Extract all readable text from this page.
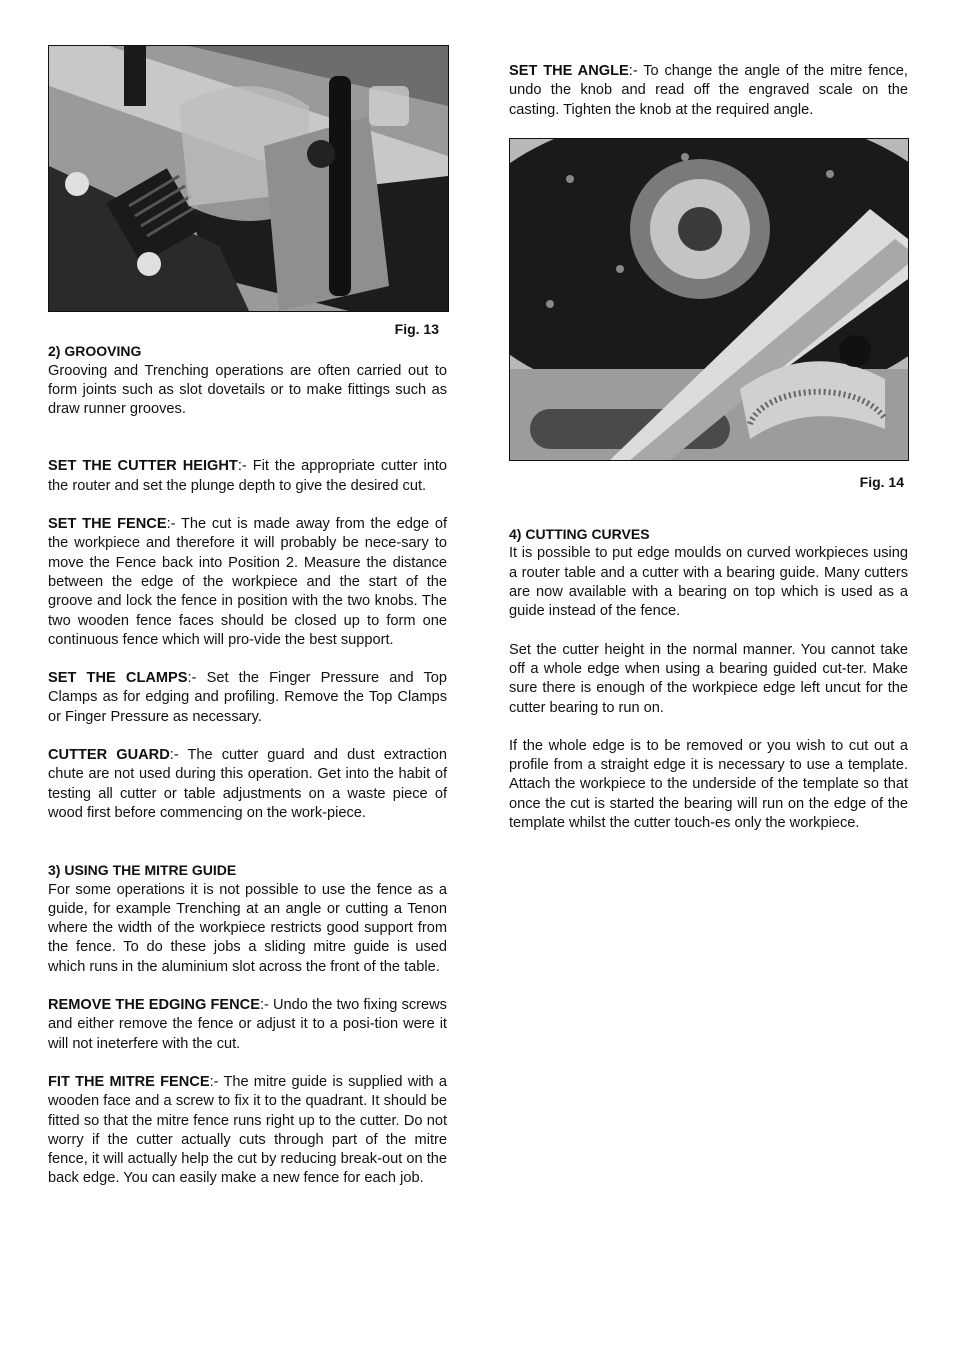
Fig. 13
2) GROOVING

Grooving and Trenching operations are often carried out to form joints such as slot dovetails or to make fittings such as draw runner grooves.

SET THE CUTTER HEIGHT:- Fit the appropriate cutter into the router and set the plunge depth to give the desired cut.

SET THE FENCE:- The cut is made away from the edge of the workpiece and therefore it will probably be nece-sary to move the Fence back into Position 2. Measure the distance between the edge of the workpiece and the start of the groove and lock the fence in position with the two knobs. The two wooden fence faces should be closed up to form one continuous fence which will pro-vide the best support.

SET THE CLAMPS:- Set the Finger Pressure and Top Clamps as for edging and profiling. Remove the Top Clamps or Finger Pressure as necessary.

CUTTER GUARD:- The cutter guard and dust extraction chute are not used during this operation. Get into the habit of testing all cutter or table adjustments on a waste piece of wood first before commencing on the work-piece.

3) USING THE MITRE GUIDE

For some operations it is not possible to use the fence as a guide, for example Trenching at an angle or cutting a Tenon where the width of the workpiece restricts good support from the fence. To do these jobs a sliding mitre guide is used which runs in the aluminium slot across the front of the table.

REMOVE THE EDGING FENCE:- Undo the two fixing screws and either remove the fence or adjust it to a posi-tion were it will not ineterfere with the cut.

FIT THE MITRE FENCE:- The mitre guide is supplied with a wooden face and a screw to fix it to the quadrant. It should be fitted so that the mitre fence runs right up to the cutter. Do not worry if the cutter actually cuts through part of the mitre fence, it will actually help the cut by reducing break-out on the back edge. You can easily make a new fence for each job.

SET THE ANGLE:- To change the angle of the mitre fence, undo the knob and read off the engraved scale on the casting. Tighten the knob at the required angle.

Fig. 14
4) CUTTING CURVES

It is possible to put edge moulds on curved workpieces using a router table and a cutter with a bearing guide. Many cutters are now available with a bearing on top which is used as a guide instead of the fence.

Set the cutter height in the normal manner. You cannot take off a whole edge when using a bearing guided cut-ter. Make sure there is enough of the workpiece edge left uncut for the cutter bearing to run on.

If the whole edge is to be removed or you wish to cut out a profile from a straight edge it is necessary to use a template. Attach the workpiece to the underside of the template so that once the cut is started the bearing will run on the edge of the template whilst the cutter touch-es only the workpiece.
